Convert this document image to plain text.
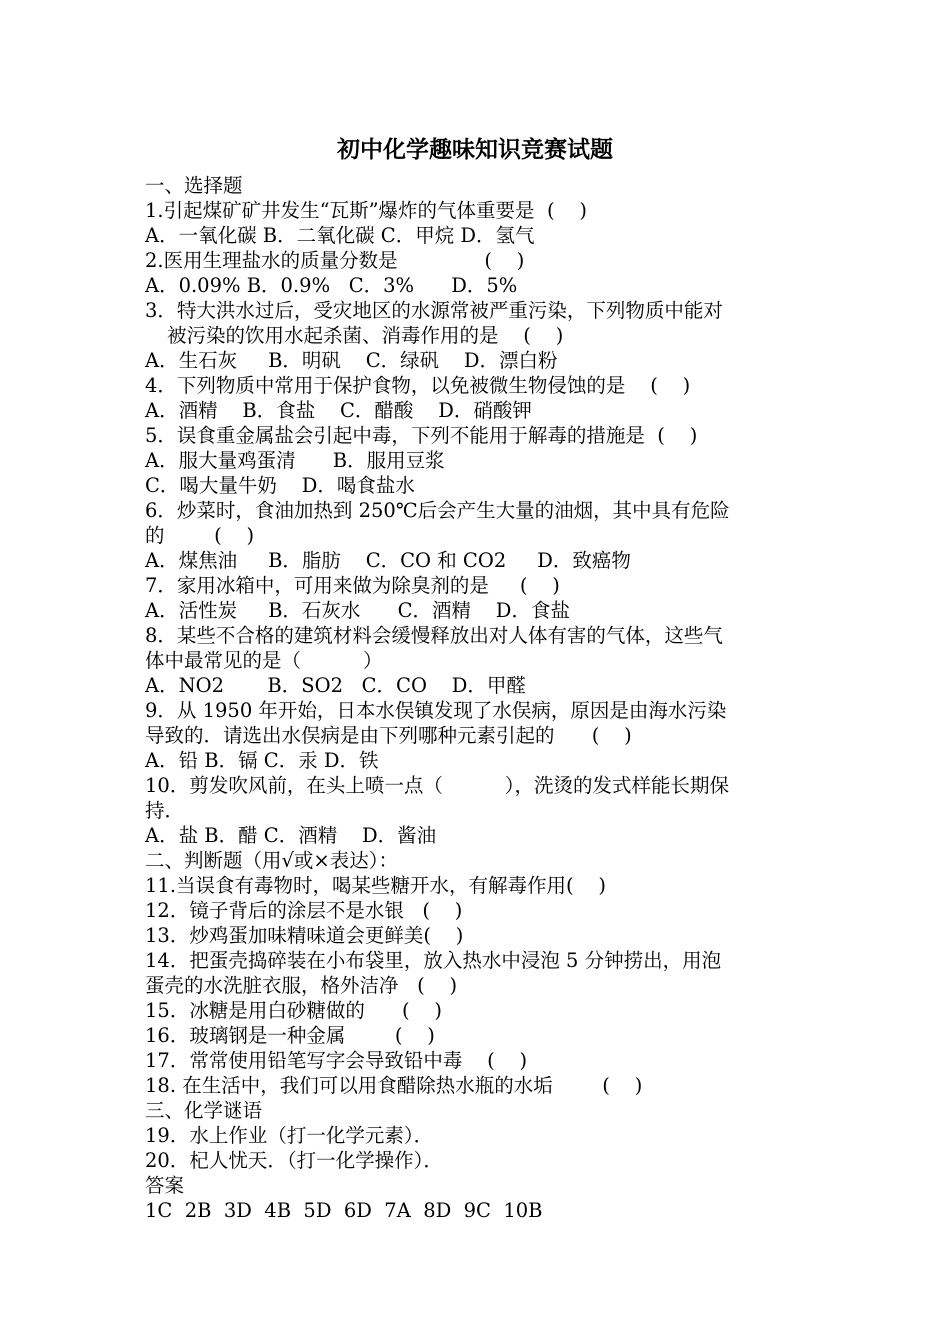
初中化学趣味知识竞赛试题
一、选择题
1.引起煤矿矿井发生“瓦斯”爆炸的气体重要是  (    )
A．一氧化碳 B．二氧化碳 C．甲烷 D．氢气
2.医用生理盐水的质量分数是              (    )
A．0.09% B．0.9%   C．3%      D．5%
3．特大洪水过后，受灾地区的水源常被严重污染，下列物质中能对
被污染的饮用水起杀菌、消毒作用的是    (    )
A．生石灰     B．明矾    C．绿矾    D．漂白粉
4．下列物质中常用于保护食物，以免被微生物侵蚀的是    (    )
A．酒精    B．食盐    C．醋酸    D．硝酸钾
5．误食重金属盐会引起中毒，下列不能用于解毒的措施是  (    )
A．服大量鸡蛋清      B．服用豆浆
C．喝大量牛奶    D．喝食盐水
6．炒菜时，食油加热到 250℃后会产生大量的油烟，其中具有危险
的        (    )
A．煤焦油     B．脂肪    C．CO 和 CO2     D．致癌物
7．家用冰箱中，可用来做为除臭剂的是     (    )
A．活性炭     B．石灰水      C．酒精    D．食盐
8．某些不合格的建筑材料会缓慢释放出对人体有害的气体，这些气
体中最常见的是（          ）
A．NO2       B．SO2   C．CO    D．甲醛
9．从 1950 年开始，日本水俣镇发现了水俣病，原因是由海水污染
导致的．请选出水俣病是由下列哪种元素引起的      (    )
A．铅 B．镉 C．汞 D．铁
10．剪发吹风前，在头上喷一点（          ），洗烫的发式样能长期保
持．
A．盐 B．醋 C．酒精    D．酱油
二、判断题（用√或×表达）：
11.当误食有毒物时，喝某些糖开水，有解毒作用(    )
12．镜子背后的涂层不是水银   (    )
13．炒鸡蛋加味精味道会更鲜美(    )
14．把蛋壳捣碎装在小布袋里，放入热水中浸泡 5 分钟捞出，用泡
蛋壳的水洗脏衣服，格外洁净   (    )
15．冰糖是用白砂糖做的      (    )
16．玻璃钢是一种金属        (    )
17．常常使用铅笔写字会导致铅中毒    (    )
18. 在生活中，我们可以用食醋除热水瓶的水垢        (    )
三、化学谜语
19．水上作业（打一化学元素）．
20．杞人忧天．（打一化学操作）．
答案
1C  2B  3D  4B  5D  6D  7A  8D  9C  10B
